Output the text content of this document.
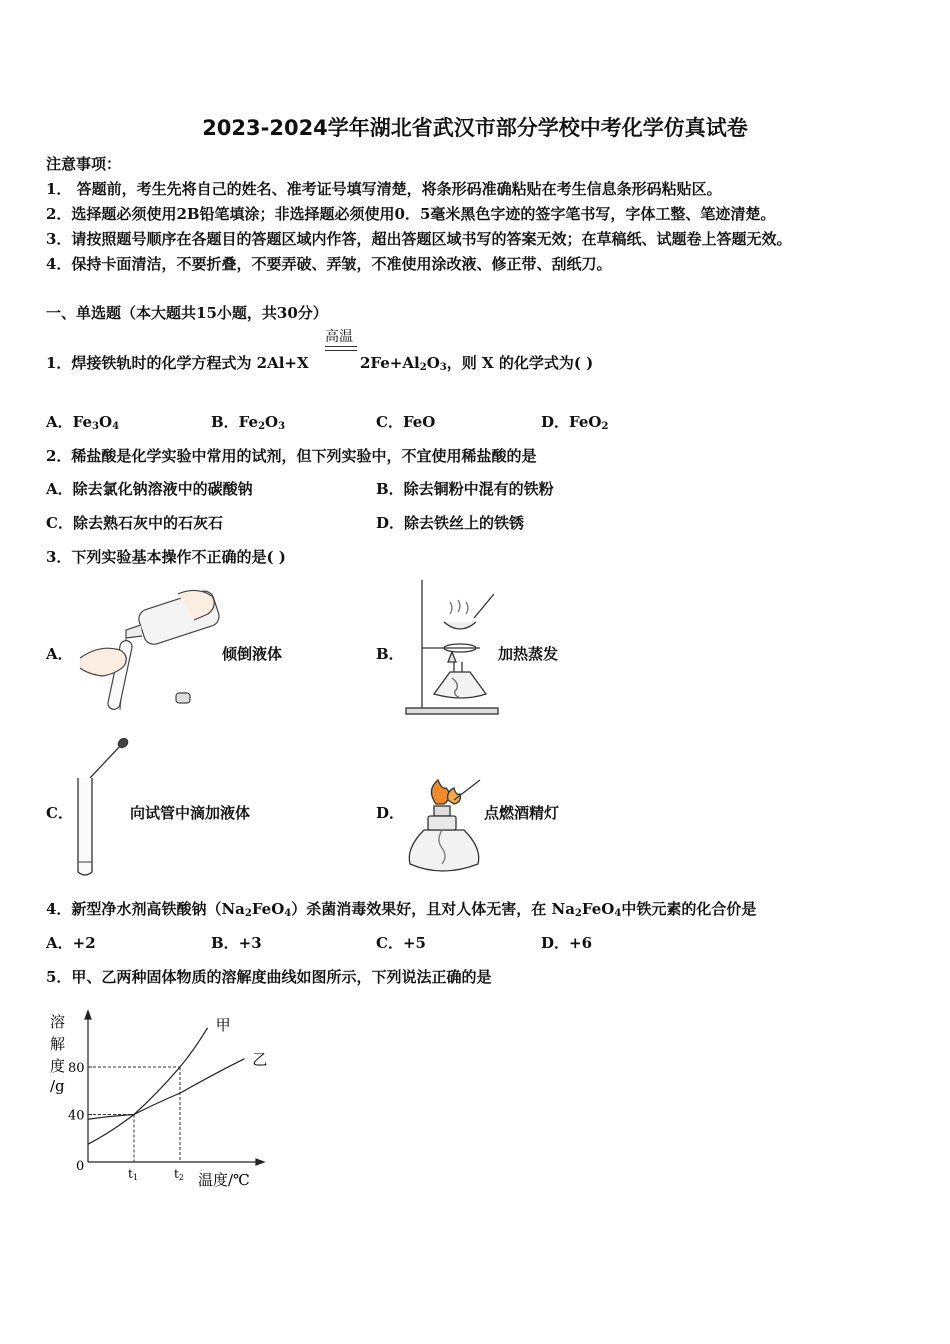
2023-2024学年湖北省武汉市部分学校中考化学仿真试卷
注意事项：
1． 答题前，考生先将自己的姓名、准考证号填写清楚，将条形码准确粘贴在考生信息条形码粘贴区。
2．选择题必须使用2B铅笔填涂；非选择题必须使用0．5毫米黑色字迹的签字笔书写，字体工整、笔迹清楚。
3．请按照题号顺序在各题目的答题区域内作答，超出答题区域书写的答案无效；在草稿纸、试题卷上答题无效。
4．保持卡面清洁，不要折叠，不要弄破、弄皱，不准使用涂改液、修正带、刮纸刀。
一、单选题（本大题共15小题，共30分）
1．焊接铁轨时的化学方程式为 2Al+X
高温
$2Fe+Al_2O_3$，则 X 的化学式为( )
A．$Fe_3O_4$	B．$Fe_2O_3$	C．FeO	D．FeO$_2$
2．稀盐酸是化学实验中常用的试剂，但下列实验中，不宜使用稀盐酸的是
A．除去氯化钠溶液中的碳酸钠	B．除去铜粉中混有的铁粉
C．除去熟石灰中的石灰石	D．除去铁丝上的铁锈
3．下列实验基本操作不正确的是( )
A．	倾倒液体	B．	加热蒸发
C．	向试管中滴加液体	D．	点燃酒精灯
4．新型净水剂高铁酸钠$(Na_2FeO_4)$杀菌消毒效果好，且对人体无害，在 $Na_2FeO_4$中铁元素的化合价是
A．+2	B．+3	C．+5	D．+6
5．甲、乙两种固体物质的溶解度曲线如图所示，下列说法正确的是
溶
解
度
/g
温度/℃
0
40
80
t1	t2
甲
乙
